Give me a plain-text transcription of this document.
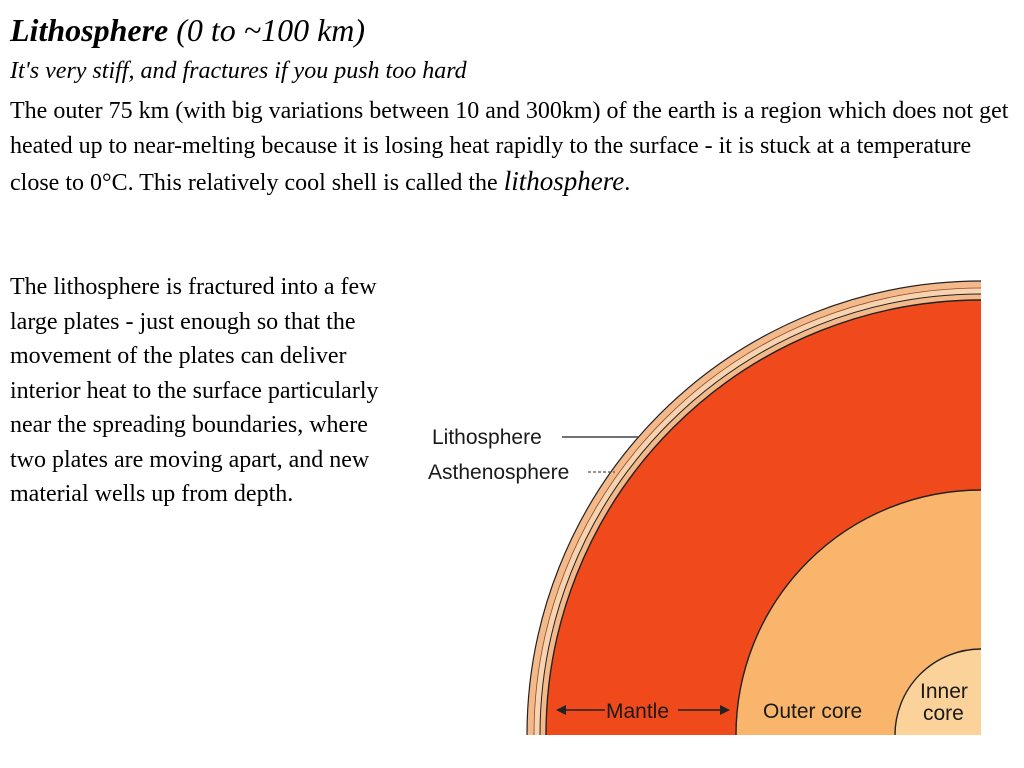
Lithosphere (0 to ~100 km)
It's very stiff, and fractures if you push too hard
The outer 75 km (with big variations between 10 and 300km) of the earth is a region which does not get heated up to near-melting because it is losing heat rapidly to the surface - it is stuck at a temperature close to 0°C. This relatively cool shell is called the lithosphere.
The lithosphere is fractured into a few large plates - just enough so that the movement of the plates can deliver interior heat to the surface particularly near the spreading boundaries, where two plates are moving apart, and new material wells up from depth.
Lithosphere
Asthenosphere
Mantle	Outer core
Inner
core
